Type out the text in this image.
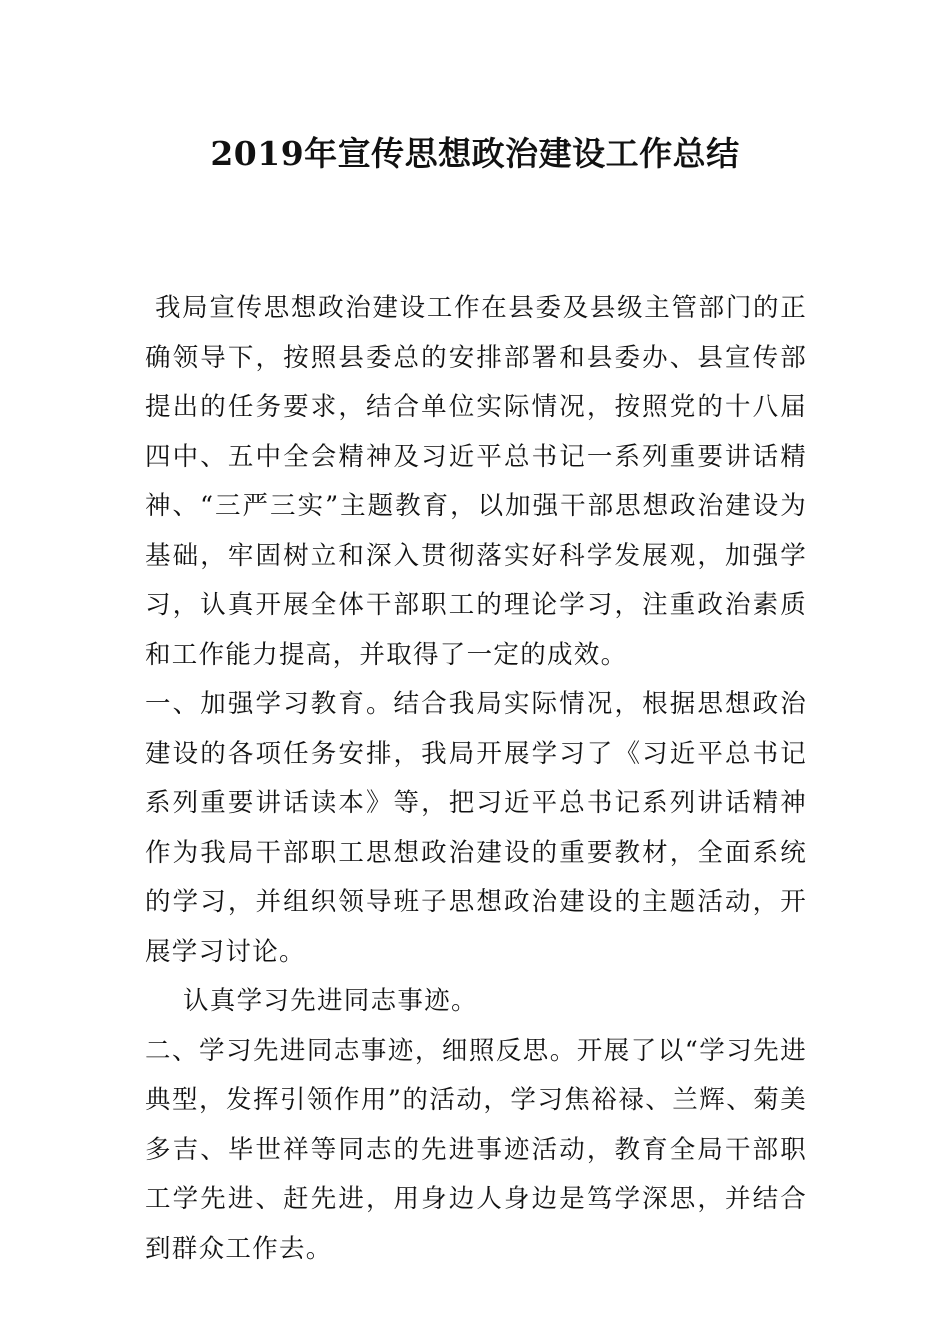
2019年宣传思想政治建设工作总结

我局宣传思想政治建设工作在县委及县级主管部门的正确领导下，按照县委总的安排部署和县委办、县宣传部提出的任务要求，结合单位实际情况，按照党的十八届四中、五中全会精神及习近平总书记一系列重要讲话精神、“三严三实”主题教育，以加强干部思想政治建设为基础，牢固树立和深入贯彻落实好科学发展观，加强学习，认真开展全体干部职工的理论学习，注重政治素质和工作能力提高，并取得了一定的成效。

一、加强学习教育。结合我局实际情况，根据思想政治建设的各项任务安排，我局开展学习了《习近平总书记系列重要讲话读本》等，把习近平总书记系列讲话精神作为我局干部职工思想政治建设的重要教材，全面系统的学习，并组织领导班子思想政治建设的主题活动，开展学习讨论。

认真学习先进同志事迹。

二、学习先进同志事迹，细照反思。开展了以“学习先进典型，发挥引领作用”的活动，学习焦裕禄、兰辉、菊美多吉、毕世祥等同志的先进事迹活动，教育全局干部职工学先进、赶先进，用身边人身边是笃学深思，并结合到群众工作去。
